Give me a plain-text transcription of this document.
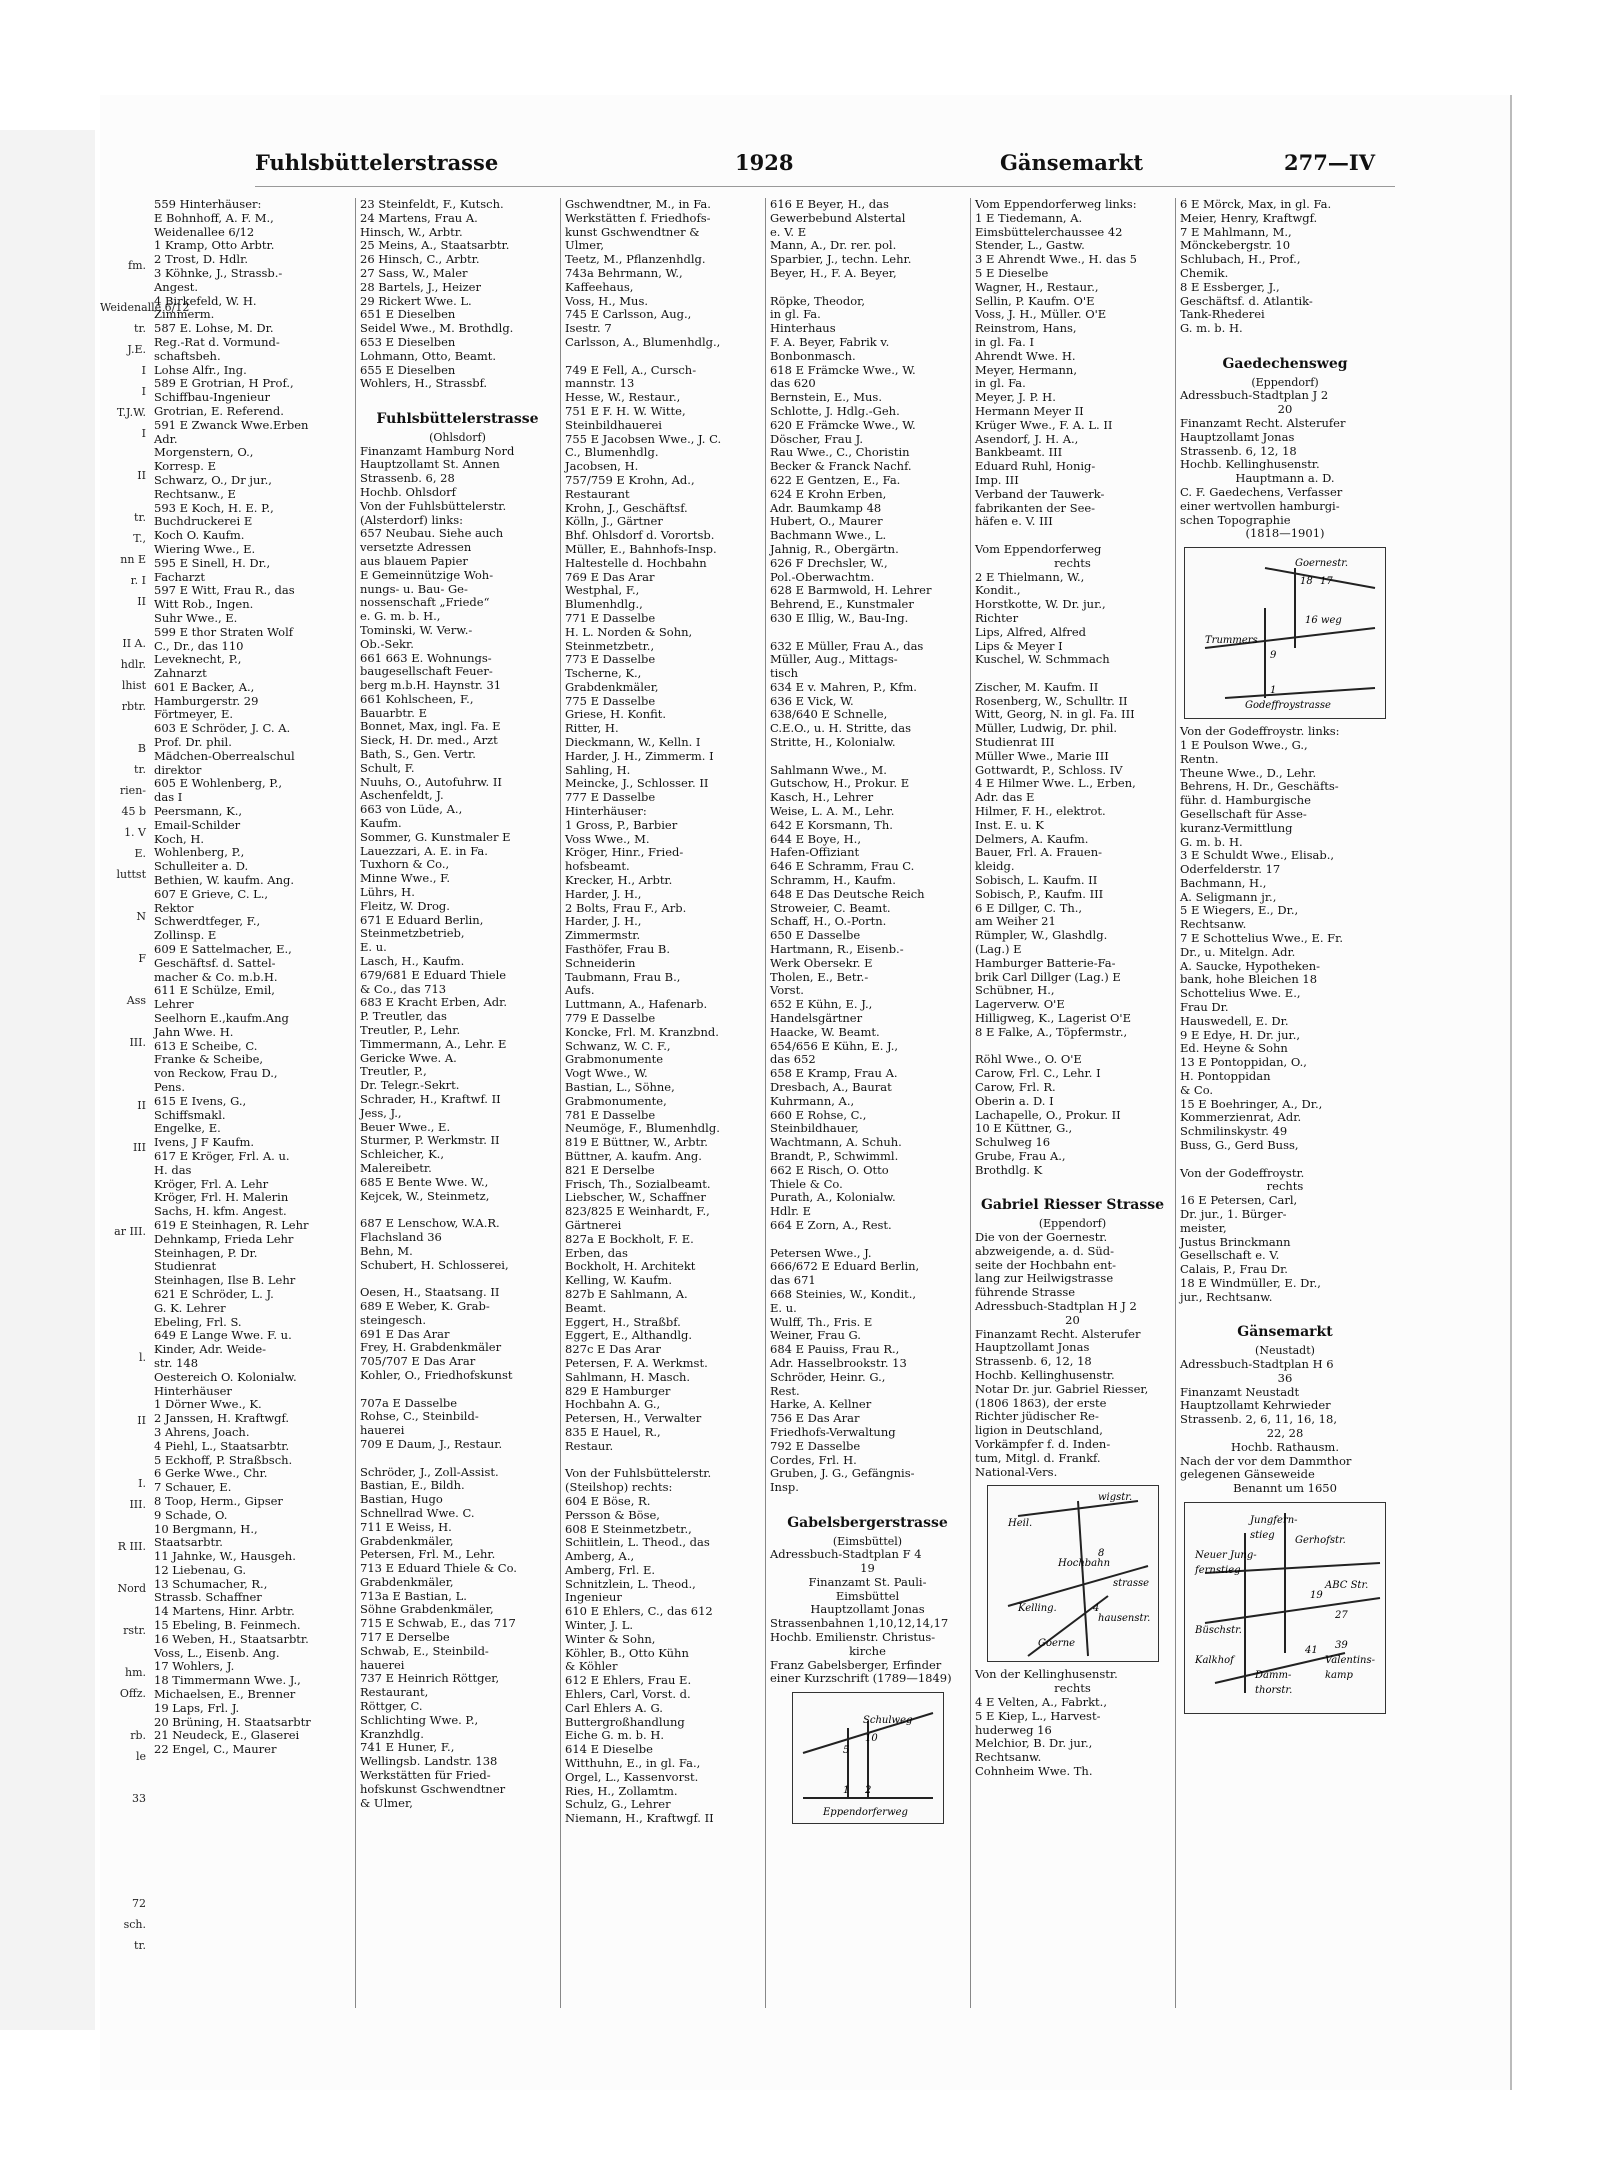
fm.

Weidenalle 6/12
tr.
J.E.
I
I
T.J.W.
I

II

tr.
T.,
nn E
r. I
II

II A.
hdlr.
lhist
rbtr.

B
tr.
rien-
45 b
1. V
E.
luttst

N

F

Ass

III.

II

III

ar III.

l.

II

I.
III.

R III.

Nord

rstr.

hm.
Offz.

rb.
le

33

72
sch.
tr.
Fuhlsbüttelerstrasse	1928	Gänsemarkt	277—IV
559 Hinterhäuser:
E Bohnhoff, A. F. M.,
Weidenallee 6/12
1 Kramp, Otto Arbtr.
2 Trost, D. Hdlr.
3 Köhnke, J., Strassb.-
Angest.
4 Birkefeld, W. H.
Zimmerm.
587 E. Lohse, M. Dr.
Reg.-Rat d. Vormund-
schaftsbeh.
Lohse Alfr., Ing.
589 E Grotrian, H Prof.,
Schiffbau-Ingenieur
Grotrian, E. Referend.
591 E Zwanck Wwe.Erben
Adr.
Morgenstern, O.,
Korresp. E
Schwarz, O., Dr jur.,
Rechtsanw., E
593 E Koch, H. E. P.,
Buchdruckerei E
Koch O. Kaufm.
Wiering Wwe., E.
595 E Sinell, H. Dr.,
Facharzt
597 E Witt, Frau R., das
Witt Rob., Ingen.
Suhr Wwe., E.
599 E thor Straten Wolf
C., Dr., das 110
Leveknecht, P.,
Zahnarzt
601 E Backer, A.,
Hamburgerstr. 29
Förtmeyer, E.
603 E Schröder, J. C. A.
Prof. Dr. phil.
Mädchen-Oberrealschul
direktor
605 E Wohlenberg, P.,
das I
Peersmann, K.,
Email-Schilder
Koch, H.
Wohlenberg, P.,
Schulleiter a. D.
Bethien, W. kaufm. Ang.
607 E Grieve, C. L.,
Rektor
Schwerdtfeger, F.,
Zollinsp. E
609 E Sattelmacher, E.,
Geschäftsf. d. Sattel-
macher & Co. m.b.H.
611 E Schülze, Emil,
Lehrer
Seelhorn E.,kaufm.Ang
Jahn Wwe. H.
613 E Scheibe, C.
Franke & Scheibe,
von Reckow, Frau D.,
Pens.
615 E Ivens, G.,
Schiffsmakl.
Engelke, E.
Ivens, J F Kaufm.
617 E Kröger, Frl. A. u.
H. das
Kröger, Frl. A. Lehr
Kröger, Frl. H. Malerin
Sachs, H. kfm. Angest.
619 E Steinhagen, R. Lehr
Dehnkamp, Frieda Lehr
Steinhagen, P. Dr.
Studienrat
Steinhagen, Ilse B. Lehr
621 E Schröder, L. J.
G. K. Lehrer
Ebeling, Frl. S.
649 E Lange Wwe. F. u.
Kinder, Adr. Weide-
str. 148
Oestereich O. Kolonialw.
Hinterhäuser
1 Dörner Wwe., K.
2 Janssen, H. Kraftwgf.
3 Ahrens, Joach.
4 Piehl, L., Staatsarbtr.
5 Eckhoff, P. Straßbsch.
6 Gerke Wwe., Chr.
7 Schauer, E.
8 Toop, Herm., Gipser
9 Schade, O.
10 Bergmann, H.,
Staatsarbtr.
11 Jahnke, W., Hausgeh.
12 Liebenau, G.
13 Schumacher, R.,
Strassb. Schaffner
14 Martens, Hinr. Arbtr.
15 Ebeling, B. Feinmech.
16 Weben, H., Staatsarbtr.
Voss, L., Eisenb. Ang.
17 Wohlers, J.
18 Timmermann Wwe. J.,
Michaelsen, E., Brenner
19 Laps, Frl. J.
20 Brüning, H. Staatsarbtr
21 Neudeck, E., Glaserei
22 Engel, C., Maurer
23 Steinfeldt, F., Kutsch.
24 Martens, Frau A.
Hinsch, W., Arbtr.
25 Meins, A., Staatsarbtr.
26 Hinsch, C., Arbtr.
27 Sass, W., Maler
28 Bartels, J., Heizer
29 Rickert Wwe. L.
651 E Dieselben
Seidel Wwe., M. Brothdlg.
653 E Dieselben
Lohmann, Otto, Beamt.
655 E Dieselben
Wohlers, H., Strassbf.

Fuhlsbüttelerstrasse
(Ohlsdorf)
Finanzamt Hamburg Nord
Hauptzollamt St. Annen
Strassenb. 6, 28
Hochb. Ohlsdorf
Von der Fuhlsbüttelerstr.
(Alsterdorf) links:
657 Neubau. Siehe auch
versetzte Adressen
aus blauem Papier
E Gemeinnützige Woh-
nungs- u. Bau- Ge-
nossenschaft „Friede“
e. G. m. b. H.,
Tominski, W. Verw.-
Ob.-Sekr.
661 663 E. Wohnungs-
baugesellschaft Feuer-
berg m.b.H. Haynstr. 31
661 Kohlscheen, F.,
Bauarbtr. E
Bonnet, Max, ingl. Fa. E
Sieck, H. Dr. med., Arzt
Bath, S., Gen. Vertr.
Schult, F.
Nuuhs, O., Autofuhrw. II
Aschenfeldt, J.
663 von Lüde, A.,
Kaufm.
Sommer, G. Kunstmaler E
Lauezzari, A. E. in Fa.
Tuxhorn & Co.,
Minne Wwe., F.
Lührs, H.
Fleitz, W. Drog.
671 E Eduard Berlin,
Steinmetzbetrieb,
E. u.
Lasch, H., Kaufm.
679/681 E Eduard Thiele
& Co., das 713
683 E Kracht Erben, Adr.
P. Treutler, das
Treutler, P., Lehr.
Timmermann, A., Lehr. E
Gericke Wwe. A.
Treutler, P.,
Dr. Telegr.-Sekrt.
Schrader, H., Kraftwf. II
Jess, J.,
Beuer Wwe., E.
Sturmer, P. Werkmstr. II
Schleicher, K.,
Malereibetr.
685 E Bente Wwe. W.,
Kejcek, W., Steinmetz,

687 E Lenschow, W.A.R.
Flachsland 36
Behn, M.
Schubert, H. Schlosserei,

Oesen, H., Staatsang. II
689 E Weber, K. Grab-
steingesch.
691 E Das Arar
Frey, H. Grabdenkmäler
705/707 E Das Arar
Kohler, O., Friedhofskunst

707a E Dasselbe
Rohse, C., Steinbild-
hauerei
709 E Daum, J., Restaur.

Schröder, J., Zoll-Assist.
Bastian, E., Bildh.
Bastian, Hugo
Schnellrad Wwe. C.
711 E Weiss, H.
Grabdenkmäler,
Petersen, Frl. M., Lehr.
713 E Eduard Thiele & Co.
Grabdenkmäler,
713a E Bastian, L.
Söhne Grabdenkmäler,
715 E Schwab, E., das 717
717 E Derselbe
Schwab, E., Steinbild-
hauerei
737 E Heinrich Röttger,
Restaurant,
Röttger, C.
Schlichting Wwe. P.,
Kranzhdlg.
741 E Huner, F.,
Wellingsb. Landstr. 138
Werkstätten für Fried-
hofskunst Gschwendtner
& Ulmer,
Gschwendtner, M., in Fa.
Werkstätten f. Friedhofs-
kunst Gschwendtner &
Ulmer,
Teetz, M., Pflanzenhdlg.
743a Behrmann, W.,
Kaffeehaus,
Voss, H., Mus.
745 E Carlsson, Aug.,
Isestr. 7
Carlsson, A., Blumenhdlg.,

749 E Fell, A., Cursch-
mannstr. 13
Hesse, W., Restaur.,
751 E F. H. W. Witte,
Steinbildhauerei
755 E Jacobsen Wwe., J. C.
C., Blumenhdlg.
Jacobsen, H.
757/759 E Krohn, Ad.,
Restaurant
Krohn, J., Geschäftsf.
Kölln, J., Gärtner
Bhf. Ohlsdorf d. Vorortsb.
Müller, E., Bahnhofs-Insp.
Haltestelle d. Hochbahn
769 E Das Arar
Westphal, F.,
Blumenhdlg.,
771 E Dasselbe
H. L. Norden & Sohn,
Steinmetzbetr.,
773 E Dasselbe
Tscherne, K.,
Grabdenkmäler,
775 E Dasselbe
Griese, H. Konfit.
Ritter, H.
Dieckmann, W., Kelln. I
Harder, J. H., Zimmerm. I
Sahling, H.
Meincke, J., Schlosser. II
777 E Dasselbe
Hinterhäuser:
1 Gross, P., Barbier
Voss Wwe., M.
Kröger, Hinr., Fried-
hofsbeamt.
Krecker, H., Arbtr.
Harder, J. H.,
2 Bolts, Frau F., Arb.
Harder, J. H.,
Zimmermstr.
Fasthöfer, Frau B.
Schneiderin
Taubmann, Frau B.,
Aufs.
Luttmann, A., Hafenarb.
779 E Dasselbe
Koncke, Frl. M. Kranzbnd.
Schwanz, W. C. F.,
Grabmonumente
Vogt Wwe., W.
Bastian, L., Söhne,
Grabmonumente,
781 E Dasselbe
Neumöge, F., Blumenhdlg.
819 E Büttner, W., Arbtr.
Büttner, A. kaufm. Ang.
821 E Derselbe
Frisch, Th., Sozialbeamt.
Liebscher, W., Schaffner
823/825 E Weinhardt, F.,
Gärtnerei
827a E Bockholt, F. E.
Erben, das
Bockholt, H. Architekt
Kelling, W. Kaufm.
827b E Sahlmann, A.
Beamt.
Eggert, H., Straßbf.
Eggert, E., Althandlg.
827c E Das Arar
Petersen, F. A. Werkmst.
Sahlmann, H. Masch.
829 E Hamburger
Hochbahn A. G.,
Petersen, H., Verwalter
835 E Hauel, R.,
Restaur.

Von der Fuhlsbüttelerstr.
(Steilshop) rechts:
604 E Böse, R.
Persson & Böse,
608 E Steinmetzbetr.,
Schiitlein, L. Theod., das
Amberg, A.,
Amberg, Frl. E.
Schnitzlein, L. Theod.,
Ingenieur
610 E Ehlers, C., das 612
Winter, J. L.
Winter & Sohn,
Köhler, B., Otto Kühn
& Köhler
612 E Ehlers, Frau E.
Ehlers, Carl, Vorst. d.
Carl Ehlers A. G.
Buttergroßhandlung
Eiche G. m. b. H.
614 E Dieselbe
Witthuhn, E., in gl. Fa.,
Orgel, L., Kassenvorst.
Ries, H., Zollamtm.
Schulz, G., Lehrer
Niemann, H., Kraftwgf. II
616 E Beyer, H., das
Gewerbebund Alstertal
e. V. E
Mann, A., Dr. rer. pol.
Sparbier, J., techn. Lehr.
Beyer, H., F. A. Beyer,

Röpke, Theodor,
in gl. Fa.
Hinterhaus
F. A. Beyer, Fabrik v.
Bonbonmasch.
618 E Främcke Wwe., W.
das 620
Bernstein, E., Mus.
Schlotte, J. Hdlg.-Geh.
620 E Främcke Wwe., W.
Döscher, Frau J.
Rau Wwe., C., Choristin
Becker & Franck Nachf.
622 E Gentzen, E., Fa.
624 E Krohn Erben,
Adr. Baumkamp 48
Hubert, O., Maurer
Bachmann Wwe., L.
Jahnig, R., Obergärtn.
626 F Drechsler, W.,
Pol.-Oberwachtm.
628 E Barmwold, H. Lehrer
Behrend, E., Kunstmaler
630 E Illig, W., Bau-Ing.

632 E Müller, Frau A., das
Müller, Aug., Mittags-
tisch
634 E v. Mahren, P., Kfm.
636 E Vick, W.
638/640 E Schnelle,
C.E.O., u. H. Stritte, das
Stritte, H., Kolonialw.

Sahlmann Wwe., M.
Gutschow, H., Prokur. E
Kasch, H., Lehrer
Weise, L. A. M., Lehr.
642 E Korsmann, Th.
644 E Boye, H.,
Hafen-Offiziant
646 E Schramm, Frau C.
Schramm, H., Kaufm.
648 E Das Deutsche Reich
Stroweier, C. Beamt.
Schaff, H., O.-Portn.
650 E Dasselbe
Hartmann, R., Eisenb.-
Werk Obersekr. E
Tholen, E., Betr.-
Vorst.
652 E Kühn, E. J.,
Handelsgärtner
Haacke, W. Beamt.
654/656 E Kühn, E. J.,
das 652
658 E Kramp, Frau A.
Dresbach, A., Baurat
Kuhrmann, A.,
660 E Rohse, C.,
Steinbildhauer,
Wachtmann, A. Schuh.
Brandt, P., Schwimml.
662 E Risch, O. Otto
Thiele & Co.
Purath, A., Kolonialw.
Hdlr. E
664 E Zorn, A., Rest.

Petersen Wwe., J.
666/672 E Eduard Berlin,
das 671
668 Steinies, W., Kondit.,
E. u.
Wulff, Th., Fris. E
Weiner, Frau G.
684 E Pauiss, Frau R.,
Adr. Hasselbrookstr. 13
Schröder, Heinr. G.,
Rest.
Harke, A. Kellner
756 E Das Arar
Friedhofs-Verwaltung
792 E Dasselbe
Cordes, Frl. H.
Gruben, J. G., Gefängnis-
Insp.

Gabelsbergerstrasse
(Eimsbüttel)
Adressbuch-Stadtplan F 4
19
Finanzamt St. Pauli-
Eimsbüttel
Hauptzollamt Jonas
Strassenbahnen 1,10,12,14,17
Hochb. Emilienstr. Christus-
kirche
Franz Gabelsberger, Erfinder
einer Kurzschrift (1789—1849)
Schulweg
10
5
1 2
Eppendorferweg
Vom Eppendorferweg links:
1 E Tiedemann, A.
Eimsbüttelerchaussee 42
Stender, L., Gastw.
3 E Ahrendt Wwe., H. das 5
5 E Dieselbe
Wagner, H., Restaur.,
Sellin, P. Kaufm. O'E
Voss, J. H., Müller. O'E
Reinstrom, Hans,
in gl. Fa. I
Ahrendt Wwe. H.
Meyer, Hermann,
in gl. Fa.
Meyer, J. P. H.
Hermann Meyer II
Krüger Wwe., F. A. L. II
Asendorf, J. H. A.,
Bankbeamt. III
Eduard Ruhl, Honig-
Imp. III
Verband der Tauwerk-
fabrikanten der See-
häfen e. V. III

Vom Eppendorferweg
rechts
2 E Thielmann, W.,
Kondit.,
Horstkotte, W. Dr. jur.,
Richter
Lips, Alfred, Alfred
Lips & Meyer I
Kuschel, W. Schmmach

Zischer, M. Kaufm. II
Rosenberg, W., Schulltr. II
Witt, Georg, N. in gl. Fa. III
Müller, Ludwig, Dr. phil.
Studienrat III
Müller Wwe., Marie III
Gottwardt, P., Schloss. IV
4 E Hilmer Wwe. L., Erben,
Adr. das E
Hilmer, F. H., elektrot.
Inst. E. u. K
Delmers, A. Kaufm.
Bauer, Frl. A. Frauen-
kleidg.
Sobisch, L. Kaufm. II
Sobisch, P., Kaufm. III
6 E Dillger, C. Th.,
am Weiher 21
Rümpler, W., Glashdlg.
(Lag.) E
Hamburger Batterie-Fa-
brik Carl Dillger (Lag.) E
Schübner, H.,
Lagerverw. O'E
Hilligweg, K., Lagerist O'E
8 E Falke, A., Töpfermstr.,

Röhl Wwe., O. O'E
Carow, Frl. C., Lehr. I
Carow, Frl. R.
Oberin a. D. I
Lachapelle, O., Prokur. II
10 E Küttner, G.,
Schulweg 16
Grube, Frau A.,
Brothdlg. K

Gabriel Riesser Strasse
(Eppendorf)
Die von der Goernestr.
abzweigende, a. d. Süd-
seite der Hochbahn ent-
lang zur Heilwigstrasse
führende Strasse
Adressbuch-Stadtplan H J 2
20
Finanzamt Recht. Alsterufer
Hauptzollamt Jonas
Strassenb. 6, 12, 18
Hochb. Kellinghusenstr.
Notar Dr. jur. Gabriel Riesser,
(1806 1863), der erste
Richter jüdischer Re-
ligion in Deutschland,
Vorkämpfer f. d. Inden-
tum, Mitgl. d. Frankf.
National-Vers.
Heil.
wigstr.
Hochbahn
8
4
Kelling.
Goerne
hausenstr.
strasse
Von der Kellinghusenstr.
rechts
4 E Velten, A., Fabrkt.,
5 E Kiep, L., Harvest-
huderweg 16
Melchior, B. Dr. jur.,
Rechtsanw.
Cohnheim Wwe. Th.
6 E Mörck, Max, in gl. Fa.
Meier, Henry, Kraftwgf.
7 E Mahlmann, M.,
Mönckebergstr. 10
Schlubach, H., Prof.,
Chemik.
8 E Essberger, J.,
Geschäftsf. d. Atlantik-
Tank-Rhederei
G. m. b. H.

Gaedechensweg
(Eppendorf)
Adressbuch-Stadtplan J 2
20
Finanzamt Recht. Alsterufer
Hauptzollamt Jonas
Strassenb. 6, 12, 18
Hochb. Kellinghusenstr.
Hauptmann a. D.
C. F. Gaedechens, Verfasser
einer wertvollen hamburgi-
schen Topographie
(1818—1901)
Goernestr.
18 17
Trummers
16 weg
9
1
Godeffroystrasse
Von der Godeffroystr. links:
1 E Poulson Wwe., G.,
Rentn.
Theune Wwe., D., Lehr.
Behrens, H. Dr., Geschäfts-
führ. d. Hamburgische
Gesellschaft für Asse-
kuranz-Vermittlung
G. m. b. H.
3 E Schuldt Wwe., Elisab.,
Oderfelderstr. 17
Bachmann, H.,
A. Seligmann jr.,
5 E Wiegers, E., Dr.,
Rechtsanw.
7 E Schottelius Wwe., E. Fr.
Dr., u. Mitelgn. Adr.
A. Saucke, Hypotheken-
bank, hohe Bleichen 18
Schottelius Wwe. E.,
Frau Dr.
Hauswedell, E. Dr.
9 E Edye, H. Dr. jur.,
Ed. Heyne & Sohn
13 E Pontoppidan, O.,
H. Pontoppidan
& Co.
15 E Boehringer, A., Dr.,
Kommerzienrat, Adr.
Schmilinskystr. 49
Buss, G., Gerd Buss,

Von der Godeffroystr.
rechts
16 E Petersen, Carl,
Dr. jur., 1. Bürger-
meister,
Justus Brinckmann
Gesellschaft e. V.
Calais, P., Frau Dr.
18 E Windmüller, E. Dr.,
jur., Rechtsanw.

Gänsemarkt
(Neustadt)
Adressbuch-Stadtplan H 6
36
Finanzamt Neustadt
Hauptzollamt Kehrwieder
Strassenb. 2, 6, 11, 16, 18,
22, 28
Hochb. Rathausm.
Nach der vor dem Dammthor
gelegenen Gänseweide
Benannt um 1650
Neuer Jung-
fernstieg
Jungfern-
stieg Gerhofstr.
ABC Str.
19
27
Büschstr.
Kalkhof
Damm-
thorstr.
Valentins-
kamp
39
41
